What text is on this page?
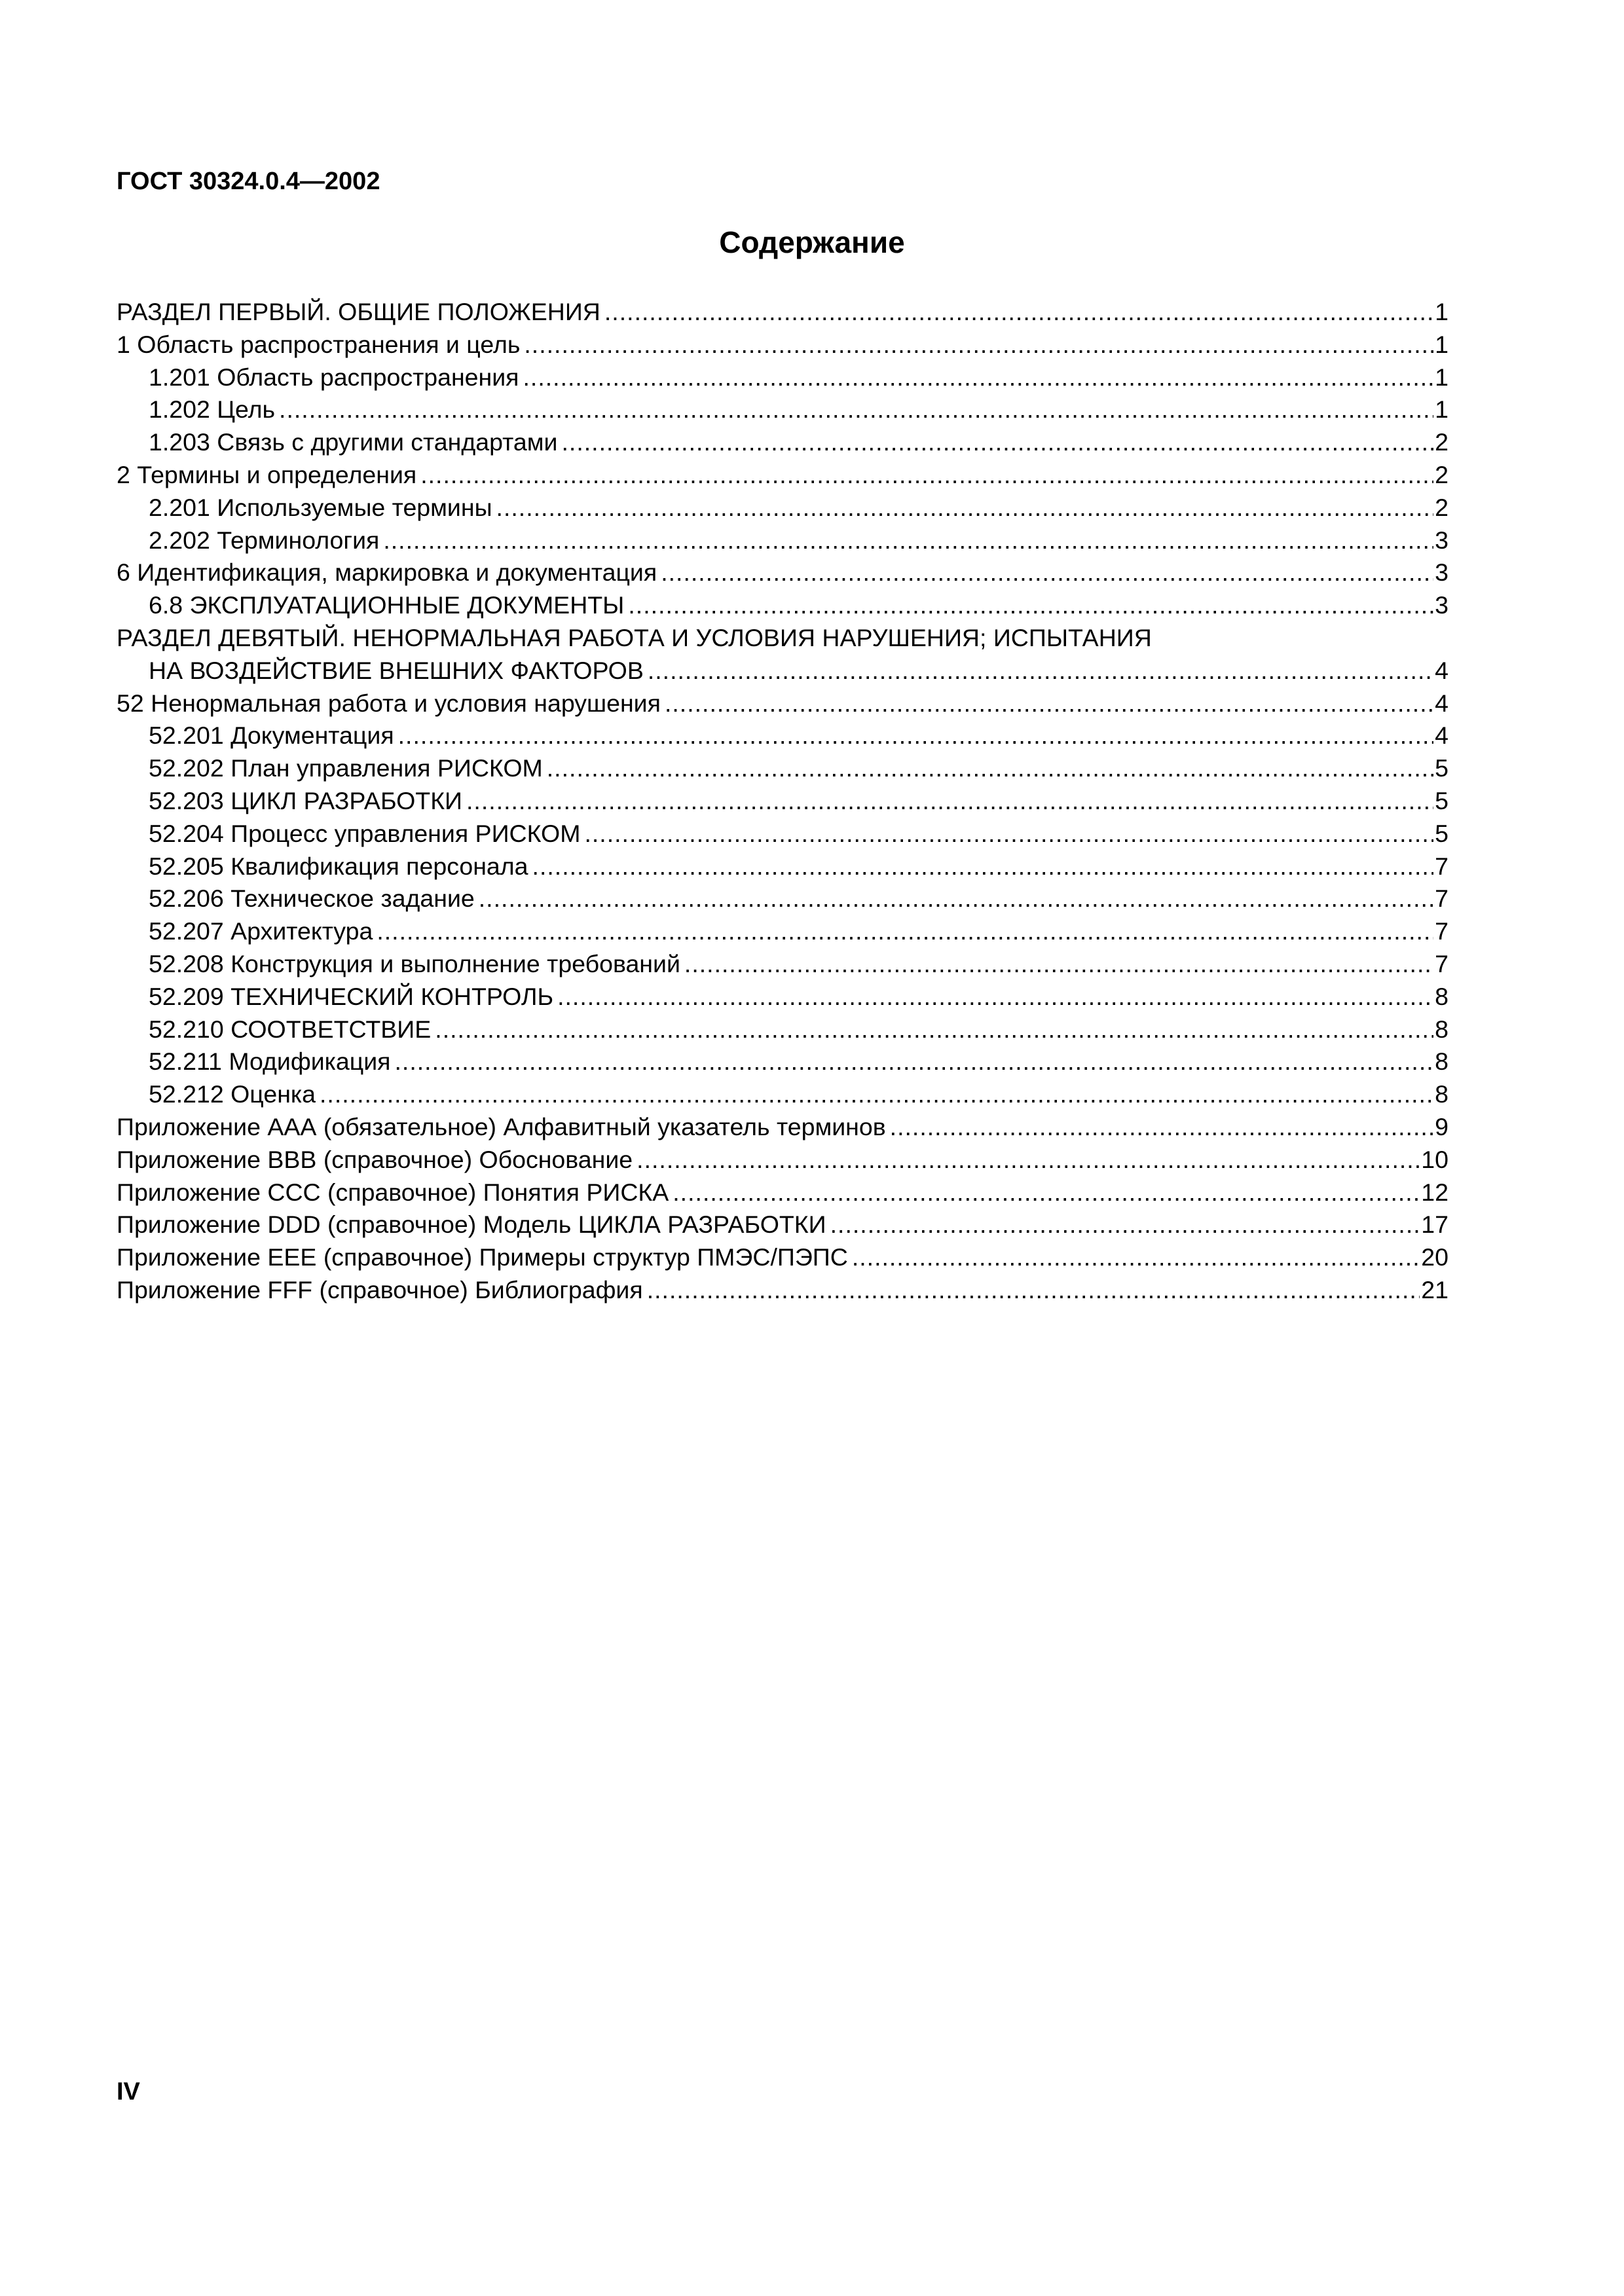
ГОСТ 30324.0.4—2002

Содержание
РАЗДЕЛ ПЕРВЫЙ. ОБЩИЕ ПОЛОЖЕНИЯ .....	1
1 Область распространения и цель .....	1
1.201 Область распространения .....	1
1.202 Цель .....	1
1.203 Связь с другими стандартами .....	2
2 Термины и определения .....	2
2.201 Используемые термины .....	2
2.202 Терминология .....	3
6 Идентификация, маркировка и документация .....	3
6.8 ЭКСПЛУАТАЦИОННЫЕ ДОКУМЕНТЫ .....	3
РАЗДЕЛ ДЕВЯТЫЙ. НЕНОРМАЛЬНАЯ РАБОТА И УСЛОВИЯ НАРУШЕНИЯ; ИСПЫТАНИЯ
НА ВОЗДЕЙСТВИЕ ВНЕШНИХ ФАКТОРОВ .....	4
52 Ненормальная работа и условия нарушения .....	4
52.201 Документация .....	4
52.202 План управления РИСКОМ .....	5
52.203 ЦИКЛ РАЗРАБОТКИ .....	5
52.204 Процесс управления РИСКОМ .....	5
52.205 Квалификация персонала .....	7
52.206 Техническое задание .....	7
52.207 Архитектура .....	7
52.208 Конструкция и выполнение требований .....	7
52.209 ТЕХНИЧЕСКИЙ КОНТРОЛЬ .....	8
52.210 СООТВЕТСТВИЕ .....	8
52.211 Модификация .....	8
52.212 Оценка .....	8
Приложение ААА (обязательное) Алфавитный указатель терминов .....	9
Приложение ВВВ (справочное) Обоснование .....	10
Приложение ССС (справочное) Понятия РИСКА .....	12
Приложение DDD (справочное) Модель ЦИКЛА РАЗРАБОТКИ .....	17
Приложение ЕЕЕ (справочное) Примеры структур ПМЭС/ПЭПС .....	20
Приложение FFF (справочное) Библиография .....	21

IV
